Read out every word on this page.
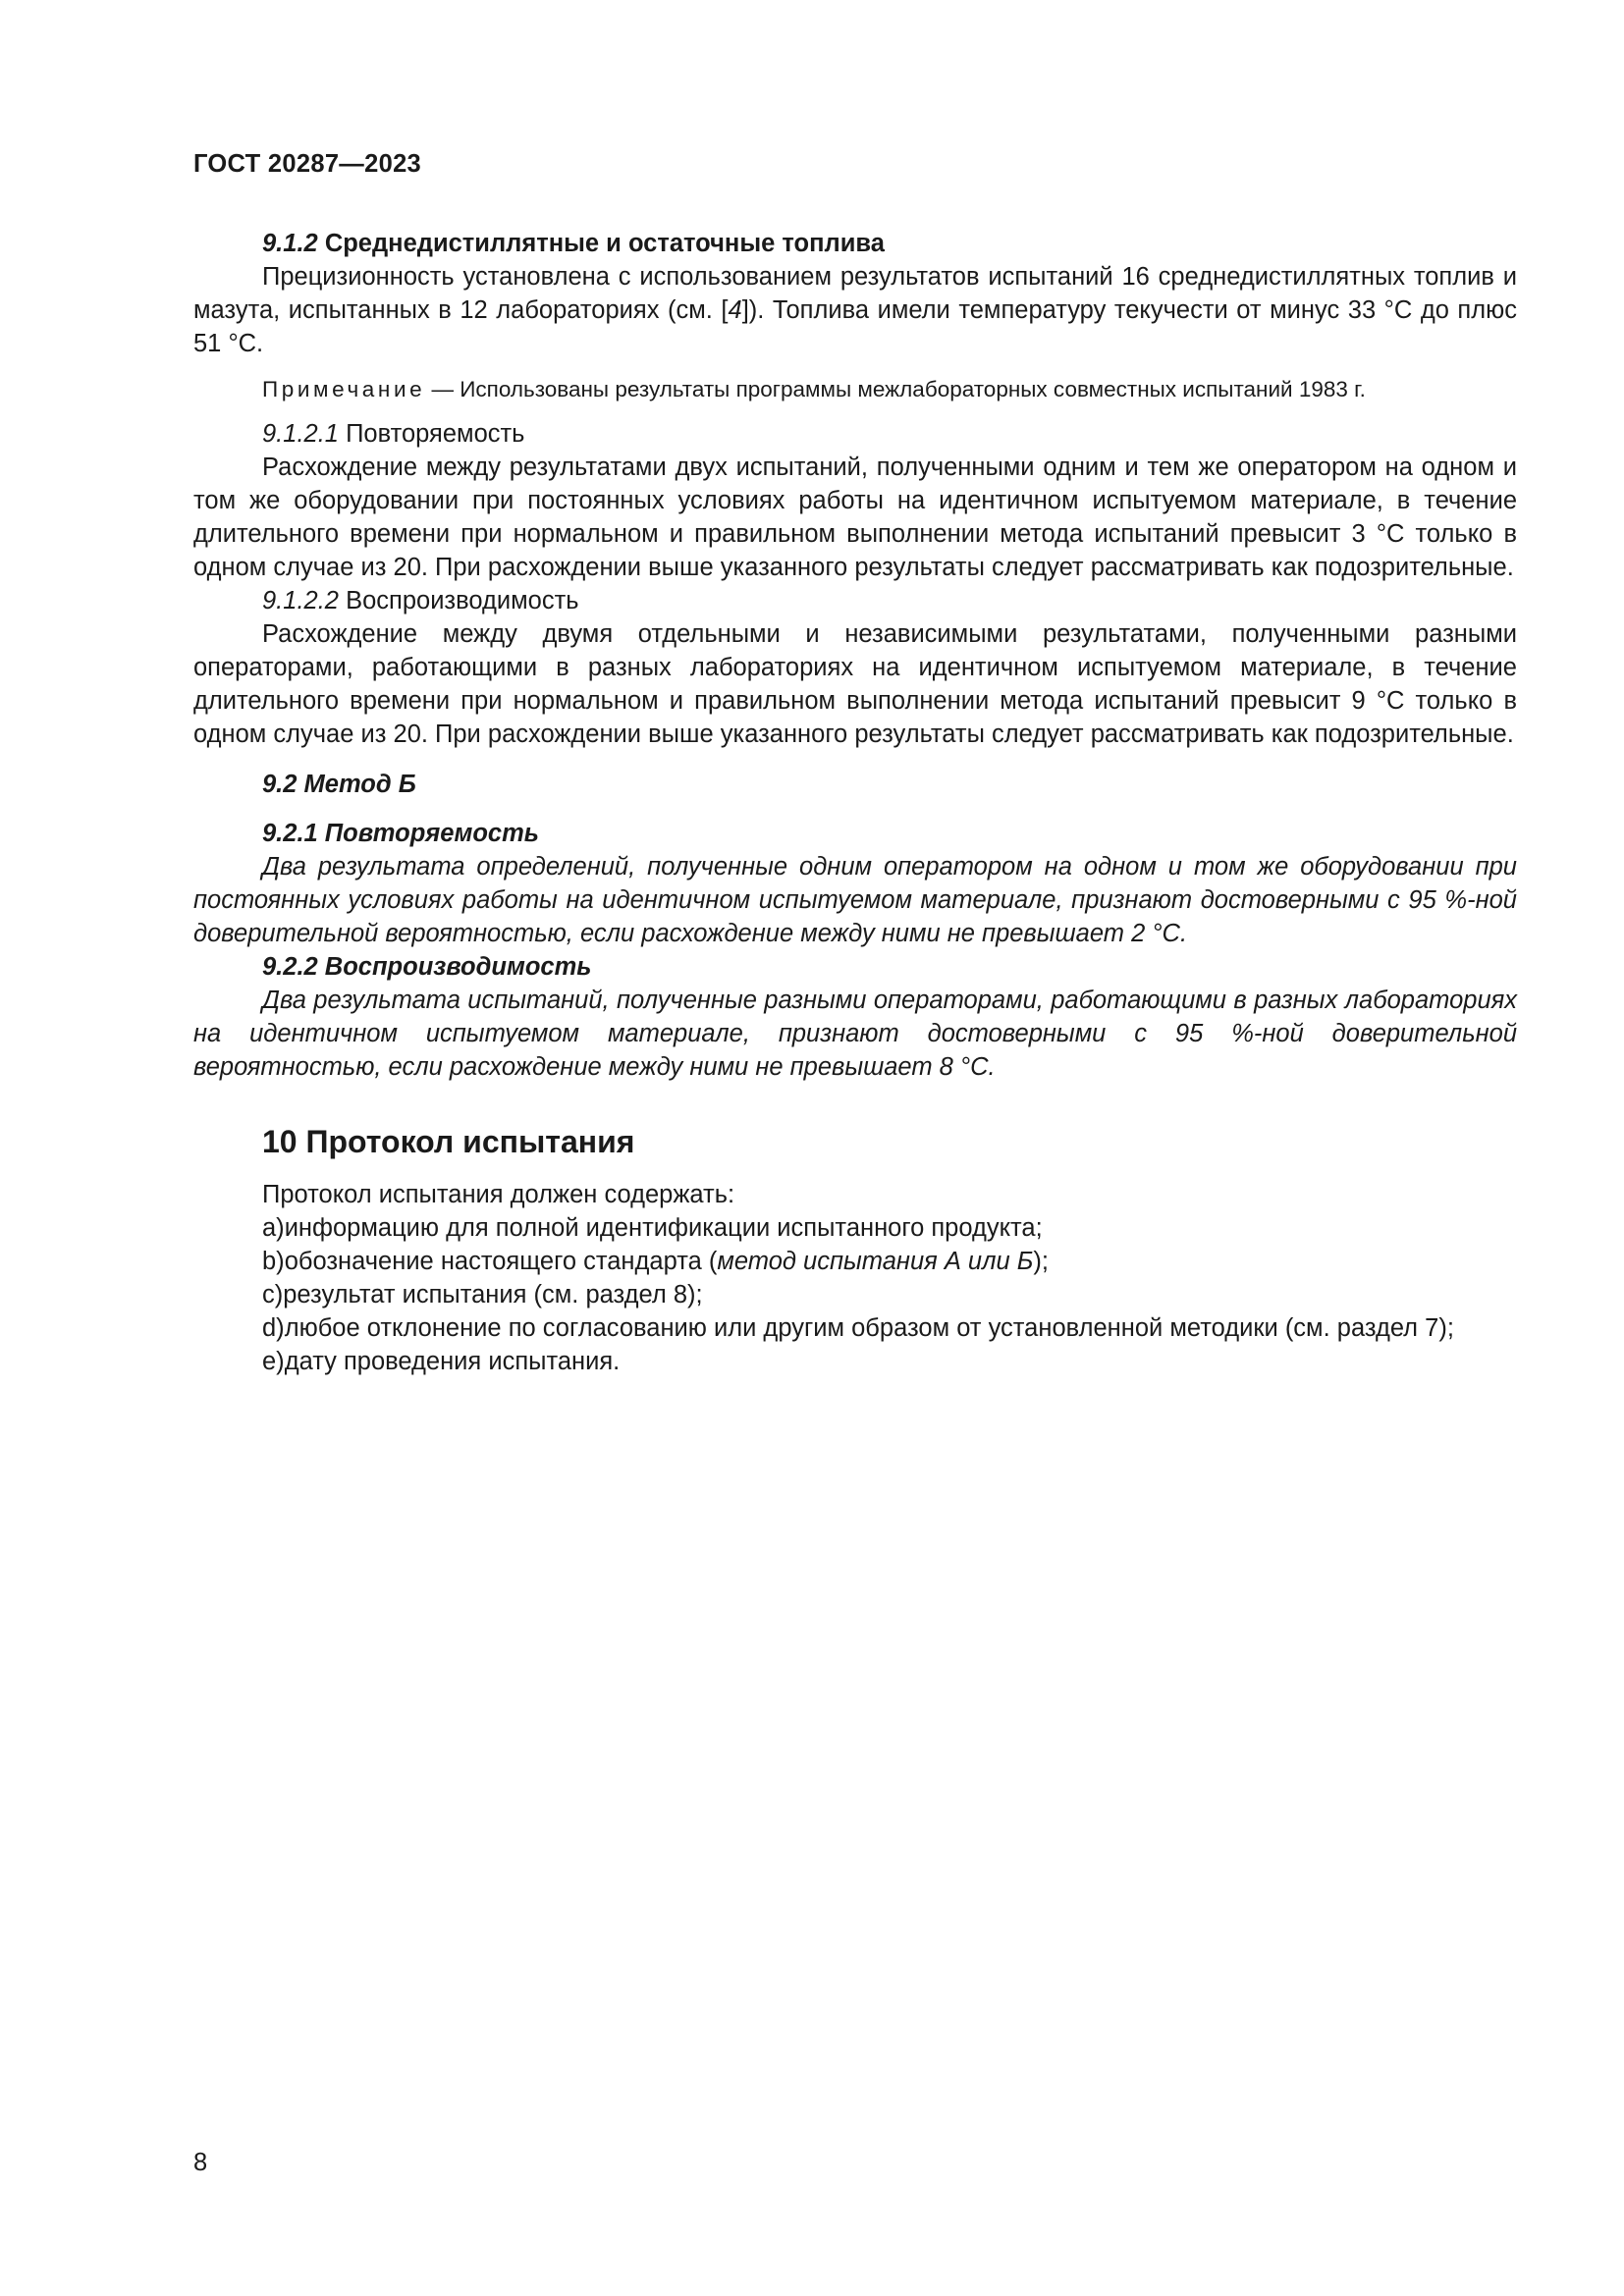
ГОСТ 20287—2023

9.1.2 Среднедистиллятные и остаточные топлива

Прецизионность установлена с использованием результатов испытаний 16 среднедистиллятных топлив и мазута, испытанных в 12 лабораториях (см. [4]). Топлива имели температуру текучести от минус 33 °С до плюс 51 °С.

Примечание — Использованы результаты программы межлабораторных совместных испытаний 1983 г.

9.1.2.1 Повторяемость

Расхождение между результатами двух испытаний, полученными одним и тем же оператором на одном и том же оборудовании при постоянных условиях работы на идентичном испытуемом материале, в течение длительного времени при нормальном и правильном выполнении метода испытаний превысит 3 °С только в одном случае из 20. При расхождении выше указанного результаты следует рассматривать как подозрительные.

9.1.2.2 Воспроизводимость

Расхождение между двумя отдельными и независимыми результатами, полученными разными операторами, работающими в разных лабораториях на идентичном испытуемом материале, в течение длительного времени при нормальном и правильном выполнении метода испытаний превысит 9 °С только в одном случае из 20. При расхождении выше указанного результаты следует рассматривать как подозрительные.

9.2 Метод Б

9.2.1 Повторяемость

Два результата определений, полученные одним оператором на одном и том же оборудовании при постоянных условиях работы на идентичном испытуемом материале, признают достоверными с 95 %-ной доверительной вероятностью, если расхождение между ними не превышает 2 °С.

9.2.2 Воспроизводимость

Два результата испытаний, полученные разными операторами, работающими в разных лабораториях на идентичном испытуемом материале, признают достоверными с 95 %-ной доверительной вероятностью, если расхождение между ними не превышает 8 °С.

10 Протокол испытания

Протокол испытания должен содержать:

a)информацию для полной идентификации испытанного продукта;

b)обозначение настоящего стандарта (метод испытания А или Б);

c)результат испытания (см. раздел 8);

d)любое отклонение по согласованию или другим образом от установленной методики (см. раздел 7);

e)дату проведения испытания.

8
